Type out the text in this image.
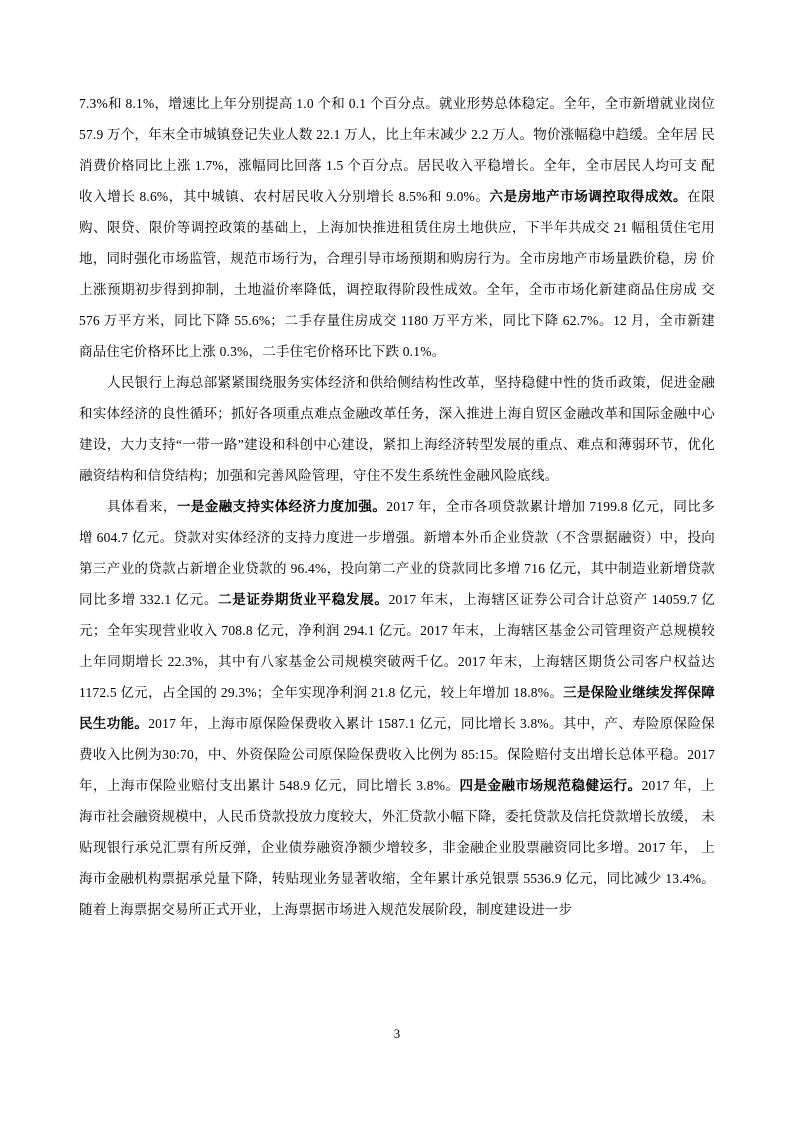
7.3%和 8.1%，增速比上年分别提高 1.0 个和 0.1 个百分点。就业形势总体稳定。全年，全市新增就业岗位 57.9 万个，年末全市城镇登记失业人数 22.1 万人，比上年末减少 2.2 万人。物价涨幅稳中趋缓。全年居 民消费价格同比上涨 1.7%，涨幅同比回落 1.5 个百分点。居民收入平稳增长。全年，全市居民人均可支 配收入增长 8.6%，其中城镇、农村居民收入分别增长 8.5%和 9.0%。六是房地产市场调控取得成效。在限 购、限贷、限价等调控政策的基础上，上海加快推进租赁住房土地供应，下半年共成交 21 幅租赁住宅用 地，同时强化市场监管，规范市场行为，合理引导市场预期和购房行为。全市房地产市场量跌价稳，房 价上涨预期初步得到抑制，土地溢价率降低，调控取得阶段性成效。全年，全市市场化新建商品住房成 交 576 万平方米，同比下降 55.6%；二手存量住房成交 1180 万平方米，同比下降 62.7%。12 月，全市新建 商品住宅价格环比上涨 0.3%，二手住宅价格环比下跌 0.1%。

人民银行上海总部紧紧围绕服务实体经济和供给侧结构性改革，坚持稳健中性的货币政策，促进金融和实体经济的良性循环；抓好各项重点难点金融改革任务，深入推进上海自贸区金融改革和国际金融中心建设，大力支持“一带一路”建设和科创中心建设，紧扣上海经济转型发展的重点、难点和薄弱环节，优化融资结构和信贷结构；加强和完善风险管理，守住不发生系统性金融风险底线。

具体看来，一是金融支持实体经济力度加强。2017 年，全市各项贷款累计增加 7199.8 亿元，同比多增 604.7 亿元。贷款对实体经济的支持力度进一步增强。新增本外币企业贷款（不含票据融资）中，投向第三产业的贷款占新增企业贷款的 96.4%，投向第二产业的贷款同比多增 716 亿元，其中制造业新增贷款同比多增 332.1 亿元。二是证券期货业平稳发展。2017 年末，上海辖区证券公司合计总资产 14059.7 亿 元；全年实现营业收入 708.8 亿元，净利润 294.1 亿元。2017 年末，上海辖区基金公司管理资产总规模较 上年同期增长 22.3%，其中有八家基金公司规模突破两千亿。2017 年末，上海辖区期货公司客户权益达 1172.5 亿元，占全国的 29.3%；全年实现净利润 21.8 亿元，较上年增加 18.8%。三是保险业继续发挥保障 民生功能。2017 年，上海市原保险保费收入累计 1587.1 亿元，同比增长 3.8%。其中，产、寿险原保险保 费收入比例为30:70，中、外资保险公司原保险保费收入比例为 85:15。保险赔付支出增长总体平稳。2017 年，上海市保险业赔付支出累计 548.9 亿元，同比增长 3.8%。四是金融市场规范稳健运行。2017 年，上 海市社会融资规模中，人民币贷款投放力度较大，外汇贷款小幅下降，委托贷款及信托贷款增长放缓， 未贴现银行承兑汇票有所反弹，企业债券融资净额少增较多，非金融企业股票融资同比多增。2017 年， 上海市金融机构票据承兑量下降，转贴现业务显著收缩，全年累计承兑银票 5536.9 亿元，同比减少 13.4%。 随着上海票据交易所正式开业，上海票据市场进入规范发展阶段，制度建设进一步

3
